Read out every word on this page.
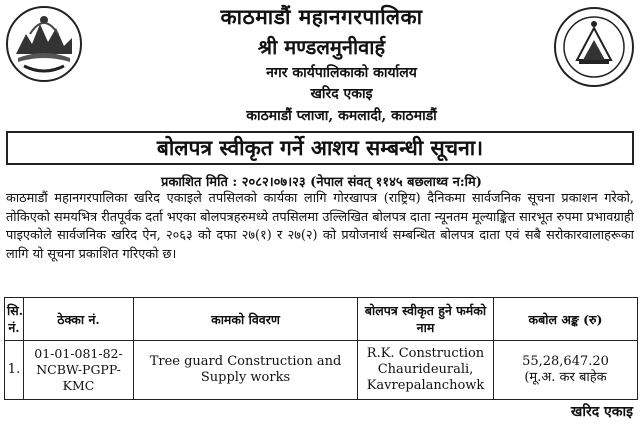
काठमाडौं महानगरपालिका
श्री मण्डलमुनीवार्ह
नगर कार्यपालिकाको कार्यालय
खरिद एकाइ
काठमाडौं प्लाजा, कमलादी, काठमाडौं
बोलपत्र स्वीकृत गर्ने आशय सम्बन्धी सूचना।
प्रकाशित मिति : २०८२।०७।२३ (नेपाल संवत् ११४५ बछलाथ्व न:मि)
काठमाडौं महानगरपालिका खरिद एकाइले तपसिलको कार्यका लागि गोरखापत्र (राष्ट्रिय) दैनिकमा सार्वजनिक सूचना प्रकाशन गरेको, तोकिएको समयभित्र रीतपूर्वक दर्ता भएका बोलपत्रहरुमध्ये तपसिलमा उल्लिखित बोलपत्र दाता न्यूनतम मूल्याङ्कित सारभूत रुपमा प्रभावग्राही पाइएकोले सार्वजनिक खरिद ऐन, २०६३ को दफा २७(१) र २७(२) को प्रयोजनार्थ सम्बन्धित बोलपत्र दाता एवं सबै सरोकारवालाहरूका लागि यो सूचना प्रकाशित गरिएको छ।
सि. नं.	ठेक्का नं.	कामको विवरण	बोलपत्र स्वीकृत हुने फर्मको नाम	कबोल अङ्क (रु)
1.	01-01-081-82-NCBW-PGPP-KMC	Tree guard Construction and Supply works	R.K. Construction Chaurideurali, Kavrepalanchowk	55,28,647.20
(मू.अ. कर बाहेक
खरिद एकाइ
